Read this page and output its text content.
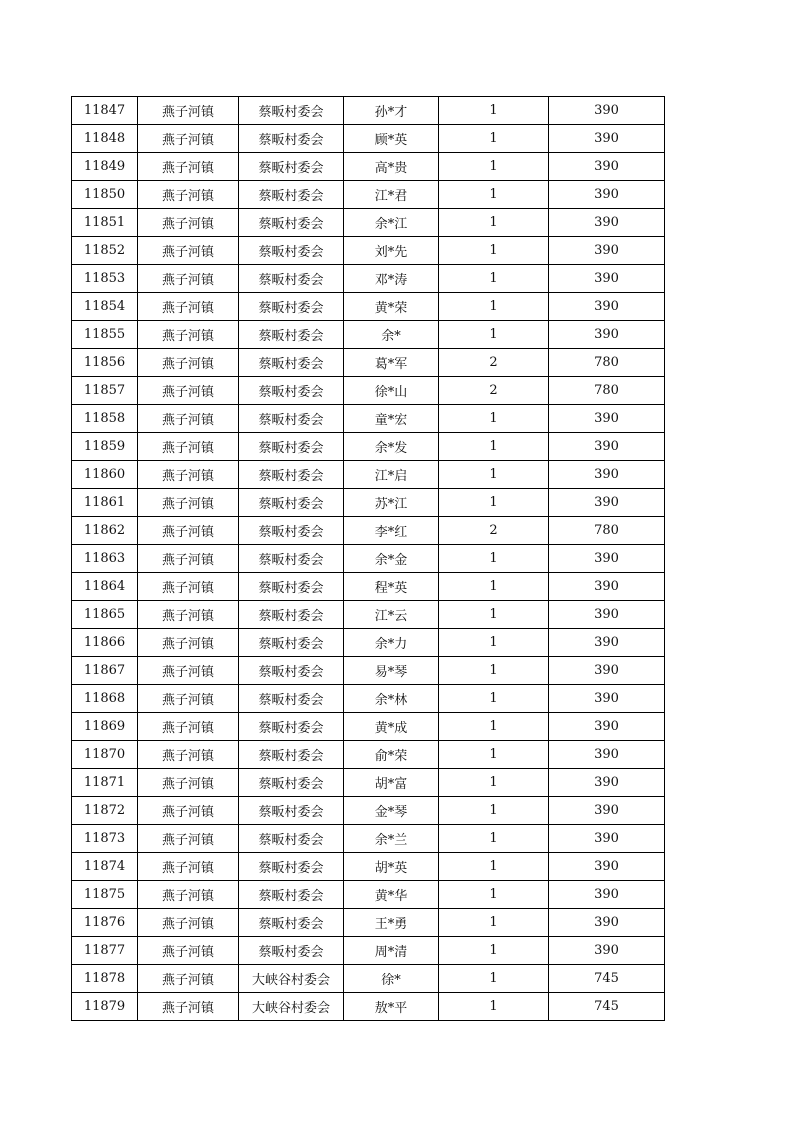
11847	燕子河镇	蔡畈村委会	孙*才	1	390
11848	燕子河镇	蔡畈村委会	顾*英	1	390
11849	燕子河镇	蔡畈村委会	高*贵	1	390
11850	燕子河镇	蔡畈村委会	江*君	1	390
11851	燕子河镇	蔡畈村委会	余*江	1	390
11852	燕子河镇	蔡畈村委会	刘*先	1	390
11853	燕子河镇	蔡畈村委会	邓*涛	1	390
11854	燕子河镇	蔡畈村委会	黄*荣	1	390
11855	燕子河镇	蔡畈村委会	余*	1	390
11856	燕子河镇	蔡畈村委会	葛*军	2	780
11857	燕子河镇	蔡畈村委会	徐*山	2	780
11858	燕子河镇	蔡畈村委会	童*宏	1	390
11859	燕子河镇	蔡畈村委会	余*发	1	390
11860	燕子河镇	蔡畈村委会	江*启	1	390
11861	燕子河镇	蔡畈村委会	苏*江	1	390
11862	燕子河镇	蔡畈村委会	李*红	2	780
11863	燕子河镇	蔡畈村委会	余*金	1	390
11864	燕子河镇	蔡畈村委会	程*英	1	390
11865	燕子河镇	蔡畈村委会	江*云	1	390
11866	燕子河镇	蔡畈村委会	余*力	1	390
11867	燕子河镇	蔡畈村委会	易*琴	1	390
11868	燕子河镇	蔡畈村委会	余*林	1	390
11869	燕子河镇	蔡畈村委会	黄*成	1	390
11870	燕子河镇	蔡畈村委会	俞*荣	1	390
11871	燕子河镇	蔡畈村委会	胡*富	1	390
11872	燕子河镇	蔡畈村委会	金*琴	1	390
11873	燕子河镇	蔡畈村委会	余*兰	1	390
11874	燕子河镇	蔡畈村委会	胡*英	1	390
11875	燕子河镇	蔡畈村委会	黄*华	1	390
11876	燕子河镇	蔡畈村委会	王*勇	1	390
11877	燕子河镇	蔡畈村委会	周*清	1	390
11878	燕子河镇	大峡谷村委会	徐*	1	745
11879	燕子河镇	大峡谷村委会	敖*平	1	745
